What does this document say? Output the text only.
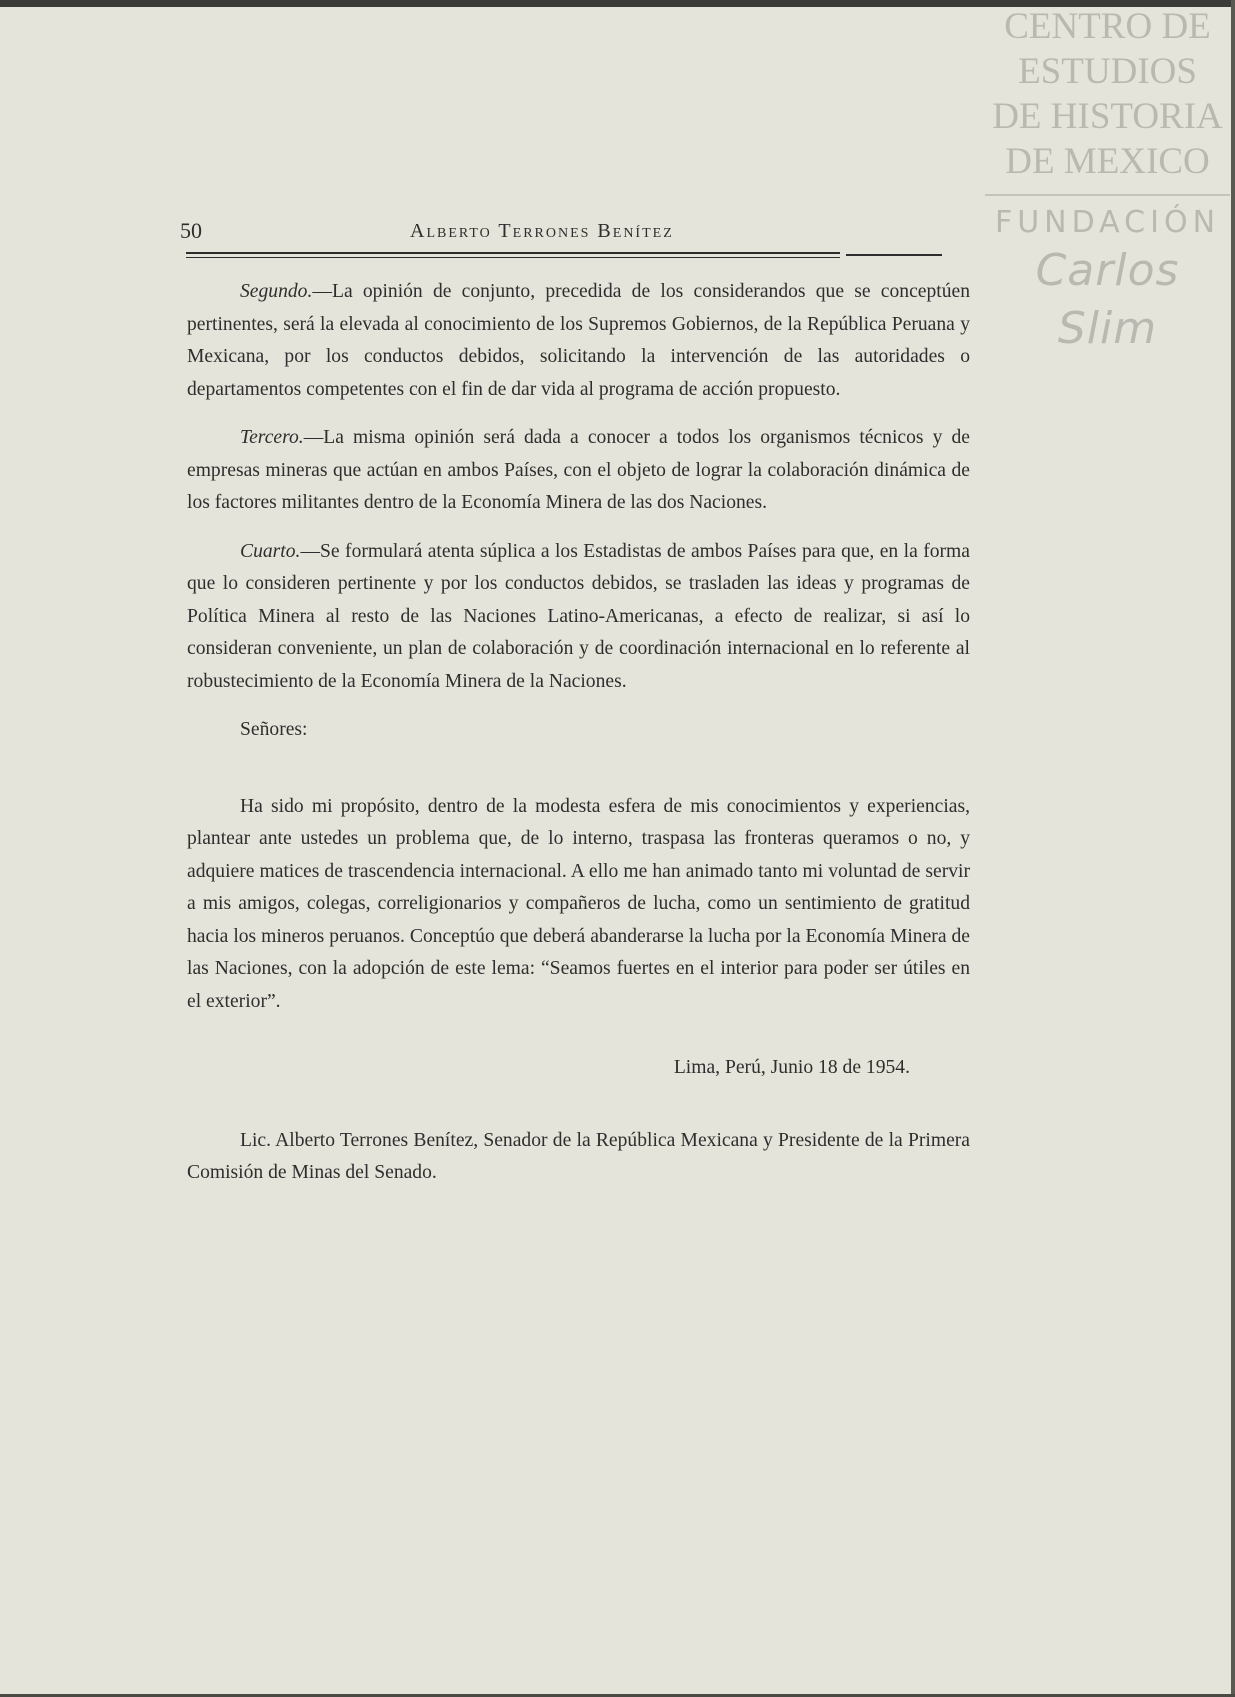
CENTRO DE
ESTUDIOS
DE HISTORIA
DE MEXICO
FUNDACIÓN
Carlos Slim
50	Alberto Terrones Benítez

Segundo.—La opinión de conjunto, precedida de los considerandos que se conceptúen pertinentes, será la elevada al conocimiento de los Supremos Gobiernos, de la República Peruana y Mexicana, por los conductos debidos, solicitando la intervención de las autoridades o departamentos competentes con el fin de dar vida al programa de acción propuesto.

Tercero.—La misma opinión será dada a conocer a todos los organismos técnicos y de empresas mineras que actúan en ambos Países, con el objeto de lograr la colaboración dinámica de los factores militantes dentro de la Economía Minera de las dos Naciones.

Cuarto.—Se formulará atenta súplica a los Estadistas de ambos Países para que, en la forma que lo consideren pertinente y por los conductos debidos, se trasladen las ideas y programas de Política Minera al resto de las Naciones Latino-Americanas, a efecto de realizar, si así lo consideran conveniente, un plan de colaboración y de coordinación internacional en lo referente al robustecimiento de la Economía Minera de la Naciones.

Señores:

Ha sido mi propósito, dentro de la modesta esfera de mis conocimientos y experiencias, plantear ante ustedes un problema que, de lo interno, traspasa las fronteras queramos o no, y adquiere matices de trascendencia internacional. A ello me han animado tanto mi voluntad de servir a mis amigos, colegas, correligionarios y compañeros de lucha, como un sentimiento de gratitud hacia los mineros peruanos. Conceptúo que deberá abanderarse la lucha por la Economía Minera de las Naciones, con la adopción de este lema: “Seamos fuertes en el interior para poder ser útiles en el exterior”.

Lima, Perú, Junio 18 de 1954.

Lic. Alberto Terrones Benítez, Senador de la República Mexicana y Presidente de la Primera Comisión de Minas del Senado.
